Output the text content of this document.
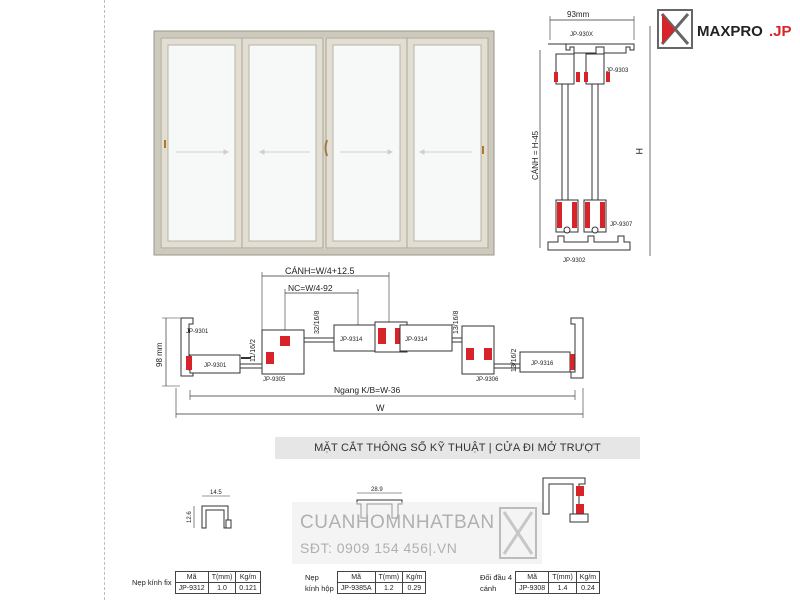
MAXPRO .JP
93mm
JP-930X
JP-9303
JP-9307
JP-9302
CÁNH = H-45	H
CÁNH=W/4+12.5
NC=W/4-92
JP-9301
JP-9301
JP-9305
11/16/2
32/16/8
JP-9314	JP-9314
JP-9306
13/16/8
13/16/2 JP-9316
98 mm
Ngang K/B=W-36
W
14.5
12.6
28.9
MẶT CẮT THÔNG SỐ KỸ THUẬT | CỬA ĐI MỞ TRƯỢT
CUANHOMNHATBAN
SĐT: 0909 154 456|.VN
Nẹp kính fix	Mã	T(mm)	Kg/m
	JP-9312	1.0	0.121
Nẹp	Mã	T(mm)	Kg/m
kính hộp	JP-9385A	1.2	0.29
Đối đầu 4	Mã	T(mm)	Kg/m
cánh	JP-9308	1.4	0.24
